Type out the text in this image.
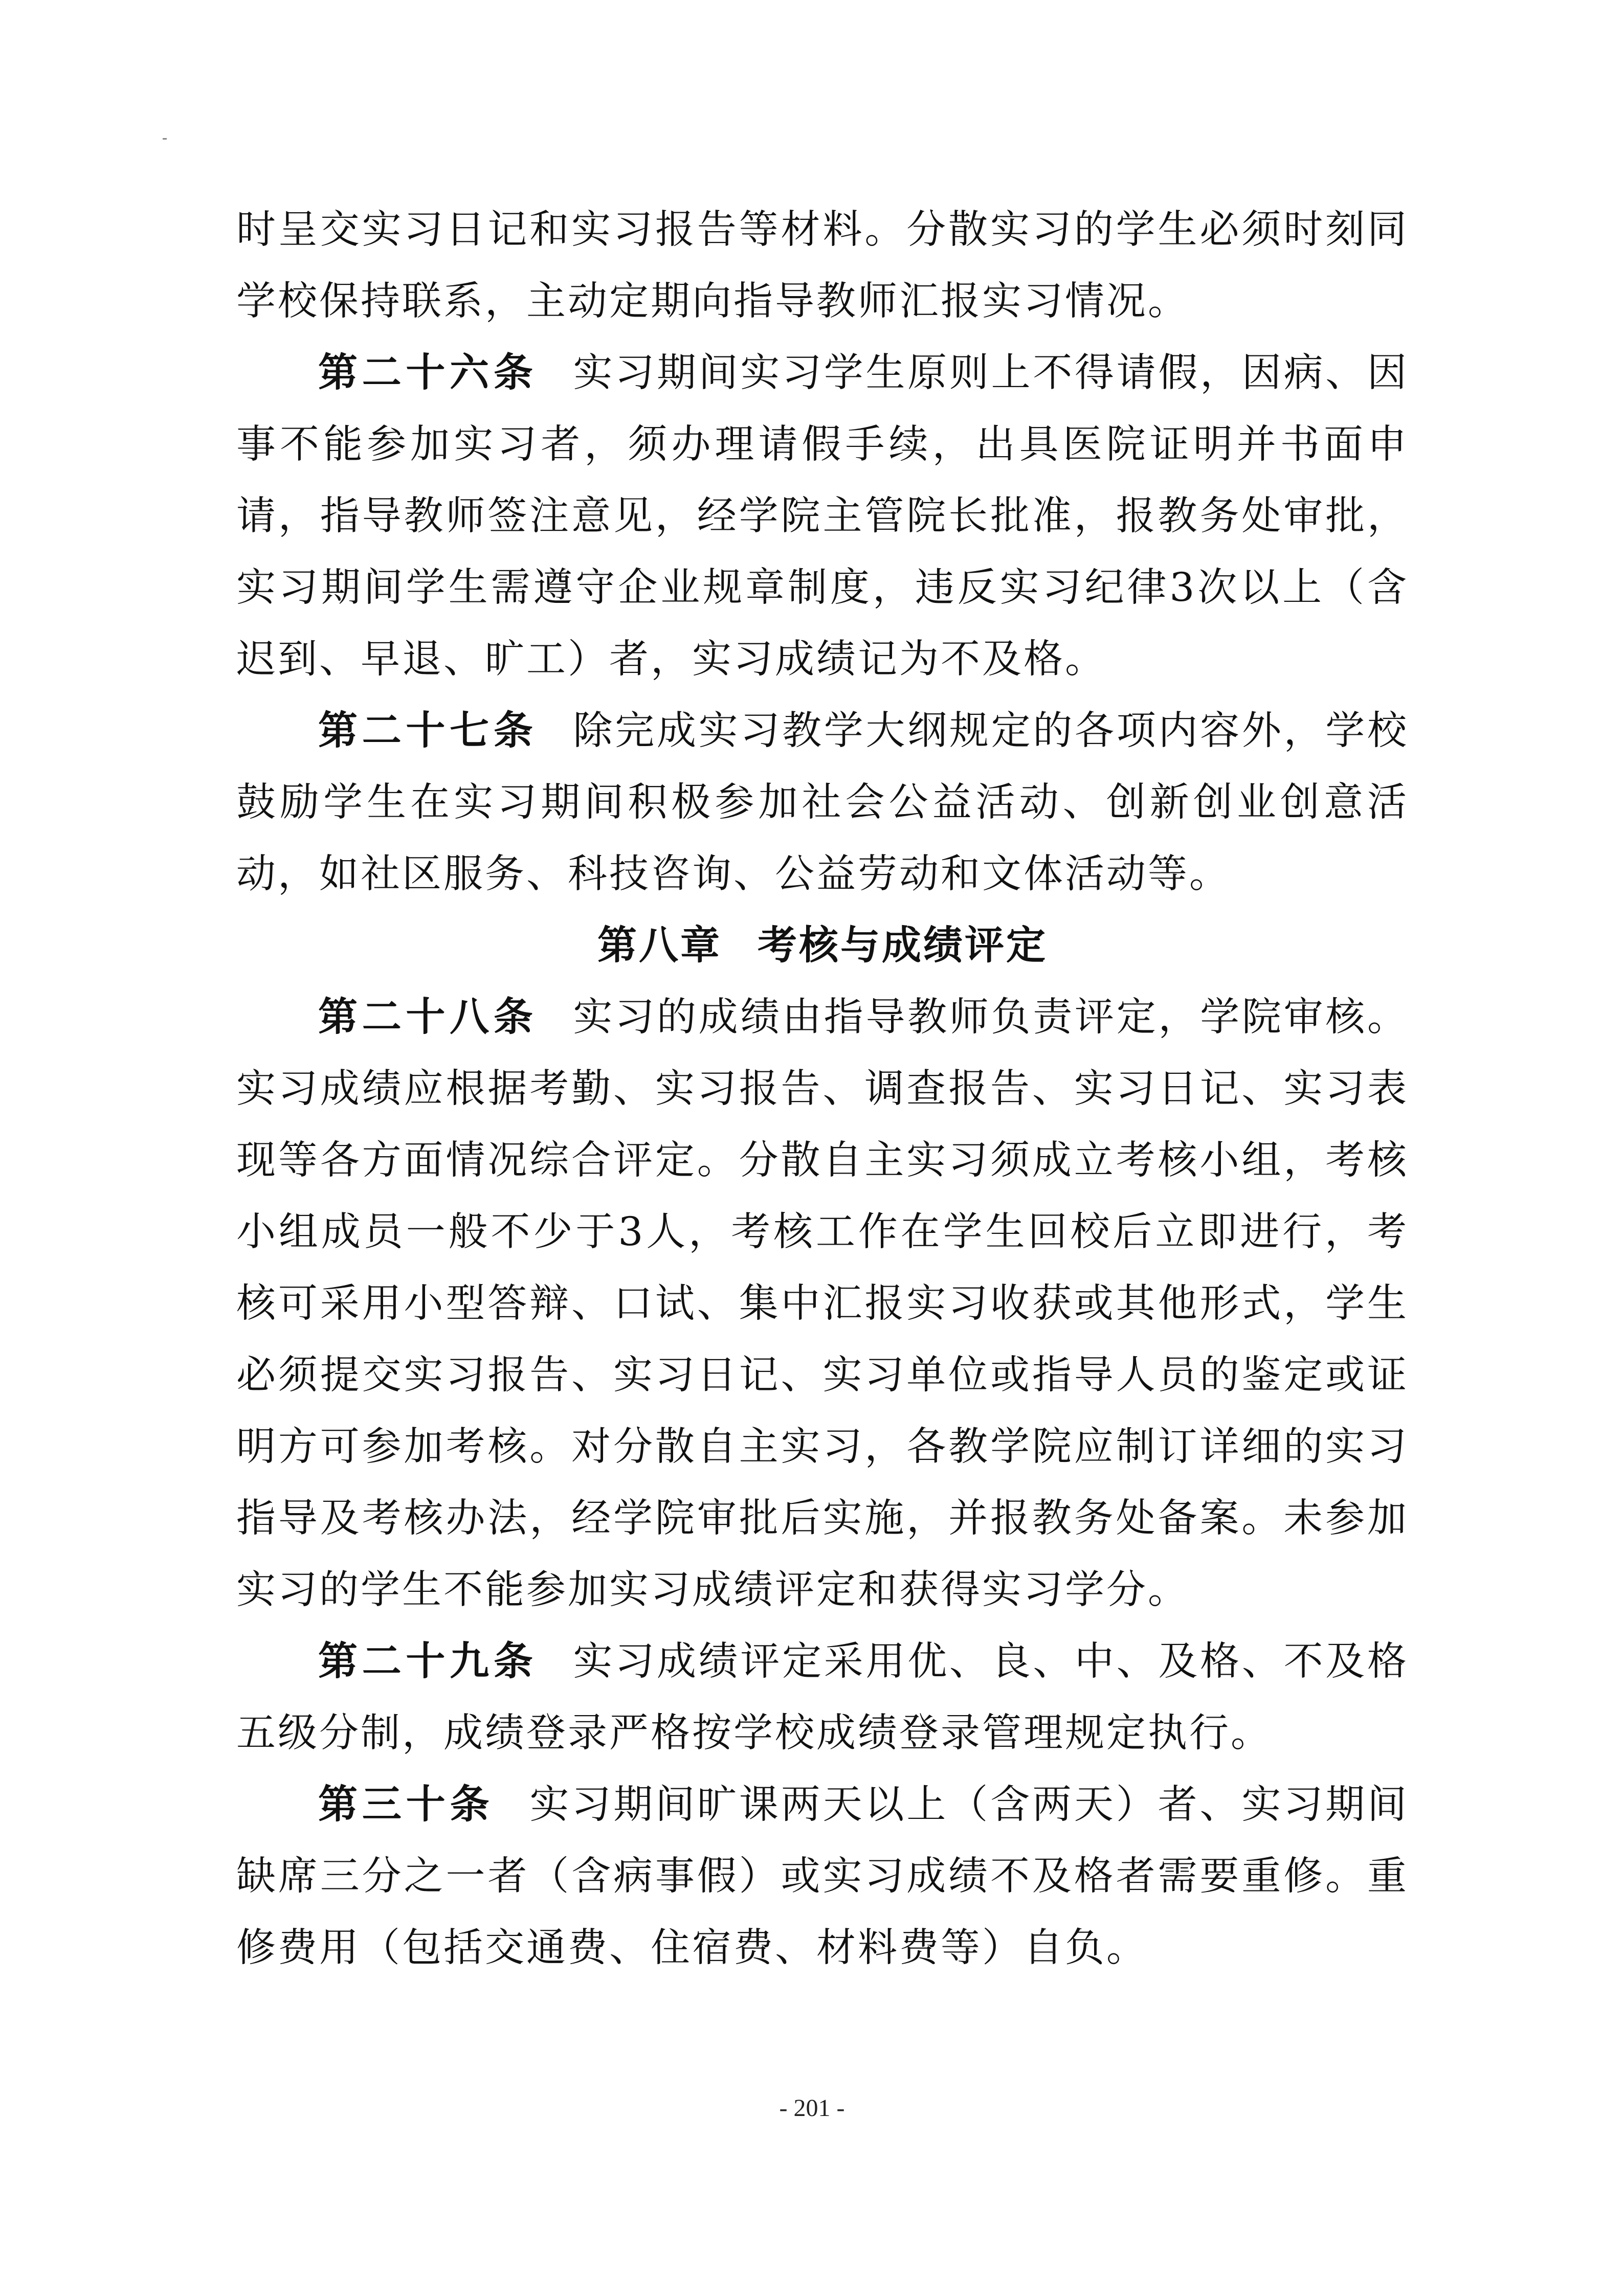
时呈交实习日记和实习报告等材料。分散实习的学生必须时刻同学校保持联系，主动定期向指导教师汇报实习情况。

第二十六条 实习期间实习学生原则上不得请假，因病、因事不能参加实习者，须办理请假手续，出具医院证明并书面申请，指导教师签注意见，经学院主管院长批准，报教务处审批，实习期间学生需遵守企业规章制度，违反实习纪律3次以上（含迟到、早退、旷工）者，实习成绩记为不及格。

第二十七条 除完成实习教学大纲规定的各项内容外，学校鼓励学生在实习期间积极参加社会公益活动、创新创业创意活动，如社区服务、科技咨询、公益劳动和文体活动等。

第八章 考核与成绩评定

第二十八条 实习的成绩由指导教师负责评定，学院审核。实习成绩应根据考勤、实习报告、调查报告、实习日记、实习表现等各方面情况综合评定。分散自主实习须成立考核小组，考核小组成员一般不少于3人，考核工作在学生回校后立即进行，考核可采用小型答辩、口试、集中汇报实习收获或其他形式，学生必须提交实习报告、实习日记、实习单位或指导人员的鉴定或证明方可参加考核。对分散自主实习，各教学院应制订详细的实习指导及考核办法，经学院审批后实施，并报教务处备案。未参加实习的学生不能参加实习成绩评定和获得实习学分。

第二十九条 实习成绩评定采用优、良、中、及格、不及格五级分制，成绩登录严格按学校成绩登录管理规定执行。

第三十条 实习期间旷课两天以上（含两天）者、实习期间缺席三分之一者（含病事假）或实习成绩不及格者需要重修。重修费用（包括交通费、住宿费、材料费等）自负。

- 201 -
